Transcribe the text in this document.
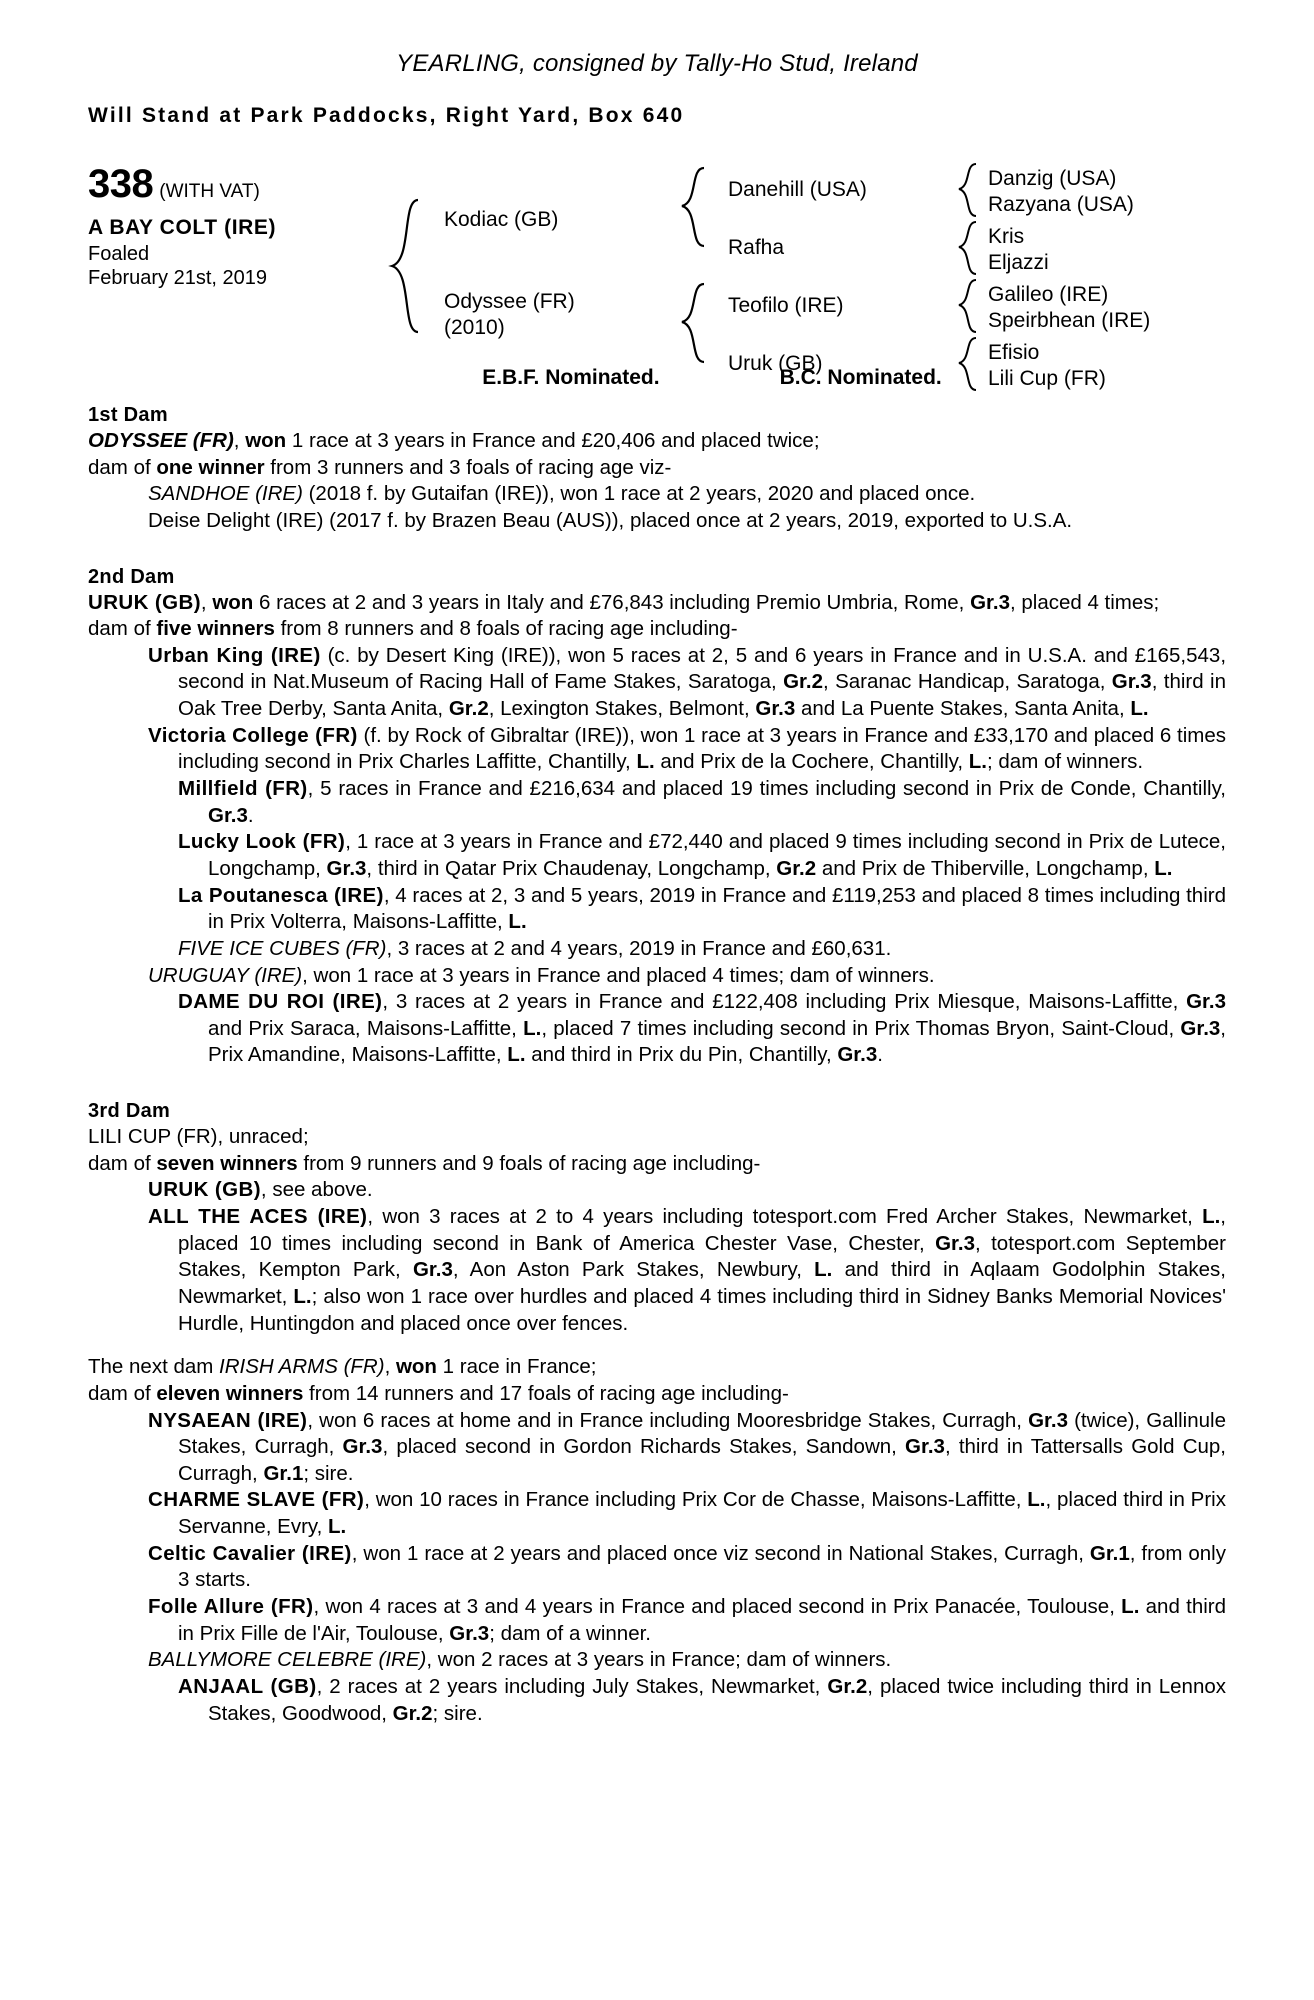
YEARLING, consigned by Tally-Ho Stud, Ireland
Will Stand at Park Paddocks, Right Yard, Box 640
338 (WITH VAT)
A BAY COLT (IRE)
Foaled
February 21st, 2019
Kodiac (GB)
Odyssee (FR)
(2010)
Danehill (USA)
Rafha
Teofilo (IRE)
Uruk (GB)
Danzig (USA)
Razyana (USA)
Kris
Eljazzi
Galileo (IRE)
Speirbhean (IRE)
Efisio
Lili Cup (FR)
E.B.F. Nominated.	B.C. Nominated.
1st Dam

ODYSSEE (FR), won 1 race at 3 years in France and £20,406 and placed twice;

dam of one winner from 3 runners and 3 foals of racing age viz-

SANDHOE (IRE) (2018 f. by Gutaifan (IRE)), won 1 race at 2 years, 2020 and placed once.

Deise Delight (IRE) (2017 f. by Brazen Beau (AUS)), placed once at 2 years, 2019, exported to U.S.A.

2nd Dam

URUK (GB), won 6 races at 2 and 3 years in Italy and £76,843 including Premio Umbria, Rome, Gr.3, placed 4 times;

dam of five winners from 8 runners and 8 foals of racing age including-

Urban King (IRE) (c. by Desert King (IRE)), won 5 races at 2, 5 and 6 years in France and in U.S.A. and £165,543, second in Nat.Museum of Racing Hall of Fame Stakes, Saratoga, Gr.2, Saranac Handicap, Saratoga, Gr.3, third in Oak Tree Derby, Santa Anita, Gr.2, Lexington Stakes, Belmont, Gr.3 and La Puente Stakes, Santa Anita, L.

Victoria College (FR) (f. by Rock of Gibraltar (IRE)), won 1 race at 3 years in France and £33,170 and placed 6 times including second in Prix Charles Laffitte, Chantilly, L. and Prix de la Cochere, Chantilly, L.; dam of winners.

Millfield (FR), 5 races in France and £216,634 and placed 19 times including second in Prix de Conde, Chantilly, Gr.3.

Lucky Look (FR), 1 race at 3 years in France and £72,440 and placed 9 times including second in Prix de Lutece, Longchamp, Gr.3, third in Qatar Prix Chaudenay, Longchamp, Gr.2 and Prix de Thiberville, Longchamp, L.

La Poutanesca (IRE), 4 races at 2, 3 and 5 years, 2019 in France and £119,253 and placed 8 times including third in Prix Volterra, Maisons-Laffitte, L.

FIVE ICE CUBES (FR), 3 races at 2 and 4 years, 2019 in France and £60,631.

URUGUAY (IRE), won 1 race at 3 years in France and placed 4 times; dam of winners.

DAME DU ROI (IRE), 3 races at 2 years in France and £122,408 including Prix Miesque, Maisons-Laffitte, Gr.3 and Prix Saraca, Maisons-Laffitte, L., placed 7 times including second in Prix Thomas Bryon, Saint-Cloud, Gr.3, Prix Amandine, Maisons-Laffitte, L. and third in Prix du Pin, Chantilly, Gr.3.

3rd Dam

LILI CUP (FR), unraced;

dam of seven winners from 9 runners and 9 foals of racing age including-

URUK (GB), see above.

ALL THE ACES (IRE), won 3 races at 2 to 4 years including totesport.com Fred Archer Stakes, Newmarket, L., placed 10 times including second in Bank of America Chester Vase, Chester, Gr.3, totesport.com September Stakes, Kempton Park, Gr.3, Aon Aston Park Stakes, Newbury, L. and third in Aqlaam Godolphin Stakes, Newmarket, L.; also won 1 race over hurdles and placed 4 times including third in Sidney Banks Memorial Novices' Hurdle, Huntingdon and placed once over fences.

The next dam IRISH ARMS (FR), won 1 race in France;

dam of eleven winners from 14 runners and 17 foals of racing age including-

NYSAEAN (IRE), won 6 races at home and in France including Mooresbridge Stakes, Curragh, Gr.3 (twice), Gallinule Stakes, Curragh, Gr.3, placed second in Gordon Richards Stakes, Sandown, Gr.3, third in Tattersalls Gold Cup, Curragh, Gr.1; sire.

CHARME SLAVE (FR), won 10 races in France including Prix Cor de Chasse, Maisons-Laffitte, L., placed third in Prix Servanne, Evry, L.

Celtic Cavalier (IRE), won 1 race at 2 years and placed once viz second in National Stakes, Curragh, Gr.1, from only 3 starts.

Folle Allure (FR), won 4 races at 3 and 4 years in France and placed second in Prix Panacée, Toulouse, L. and third in Prix Fille de l'Air, Toulouse, Gr.3; dam of a winner.

BALLYMORE CELEBRE (IRE), won 2 races at 3 years in France; dam of winners.

ANJAAL (GB), 2 races at 2 years including July Stakes, Newmarket, Gr.2, placed twice including third in Lennox Stakes, Goodwood, Gr.2; sire.
